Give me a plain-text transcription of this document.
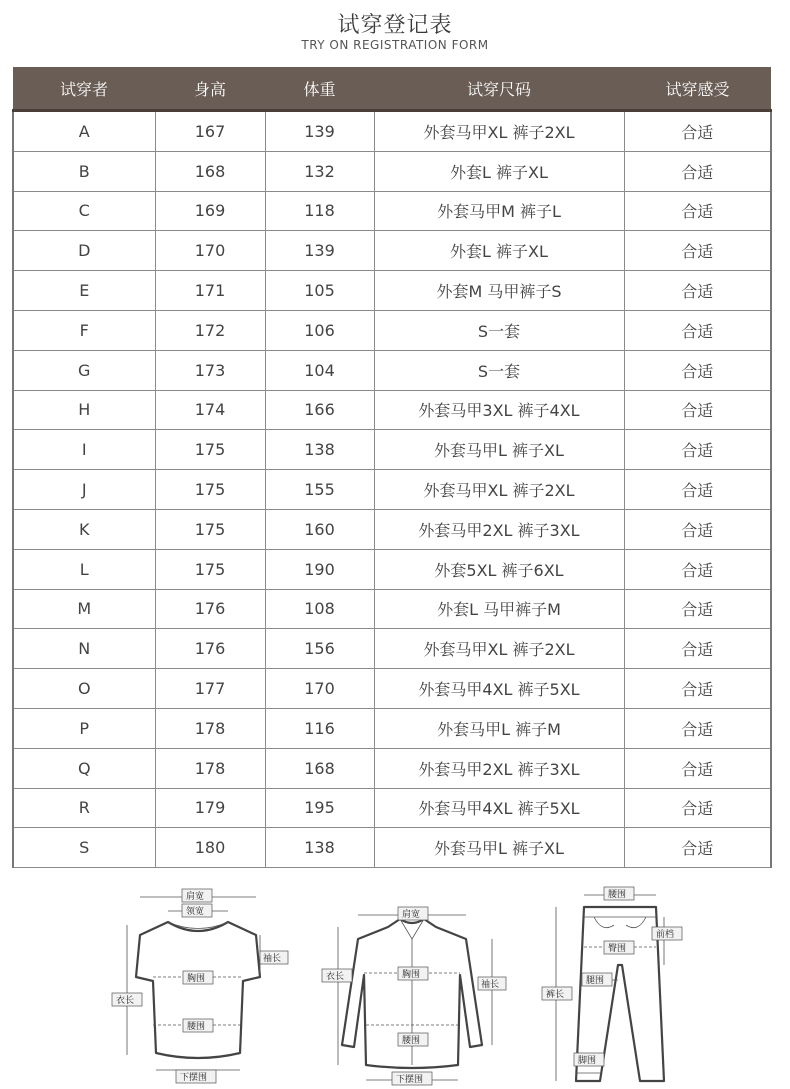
试穿登记表
TRY ON REGISTRATION FORM
试穿者	身高	体重	试穿尺码	试穿感受
A	167	139	外套马甲XL 裤子2XL	合适
B	168	132	外套L 裤子XL	合适
C	169	118	外套马甲M 裤子L	合适
D	170	139	外套L 裤子XL	合适
E	171	105	外套M 马甲裤子S	合适
F	172	106	S一套	合适
G	173	104	S一套	合适
H	174	166	外套马甲3XL 裤子4XL	合适
I	175	138	外套马甲L 裤子XL	合适
J	175	155	外套马甲XL 裤子2XL	合适
K	175	160	外套马甲2XL 裤子3XL	合适
L	175	190	外套5XL 裤子6XL	合适
M	176	108	外套L 马甲裤子M	合适
N	176	156	外套马甲XL 裤子2XL	合适
O	177	170	外套马甲4XL 裤子5XL	合适
P	178	116	外套马甲L 裤子M	合适
Q	178	168	外套马甲2XL 裤子3XL	合适
R	179	195	外套马甲4XL 裤子5XL	合适
S	180	138	外套马甲L 裤子XL	合适
肩宽
领宽
袖长
胸围
衣长
腰围
下摆围
肩宽
衣长	胸围
袖长
腰围
下摆围
腰围
前档
臀围
腿围
裤长
脚围
